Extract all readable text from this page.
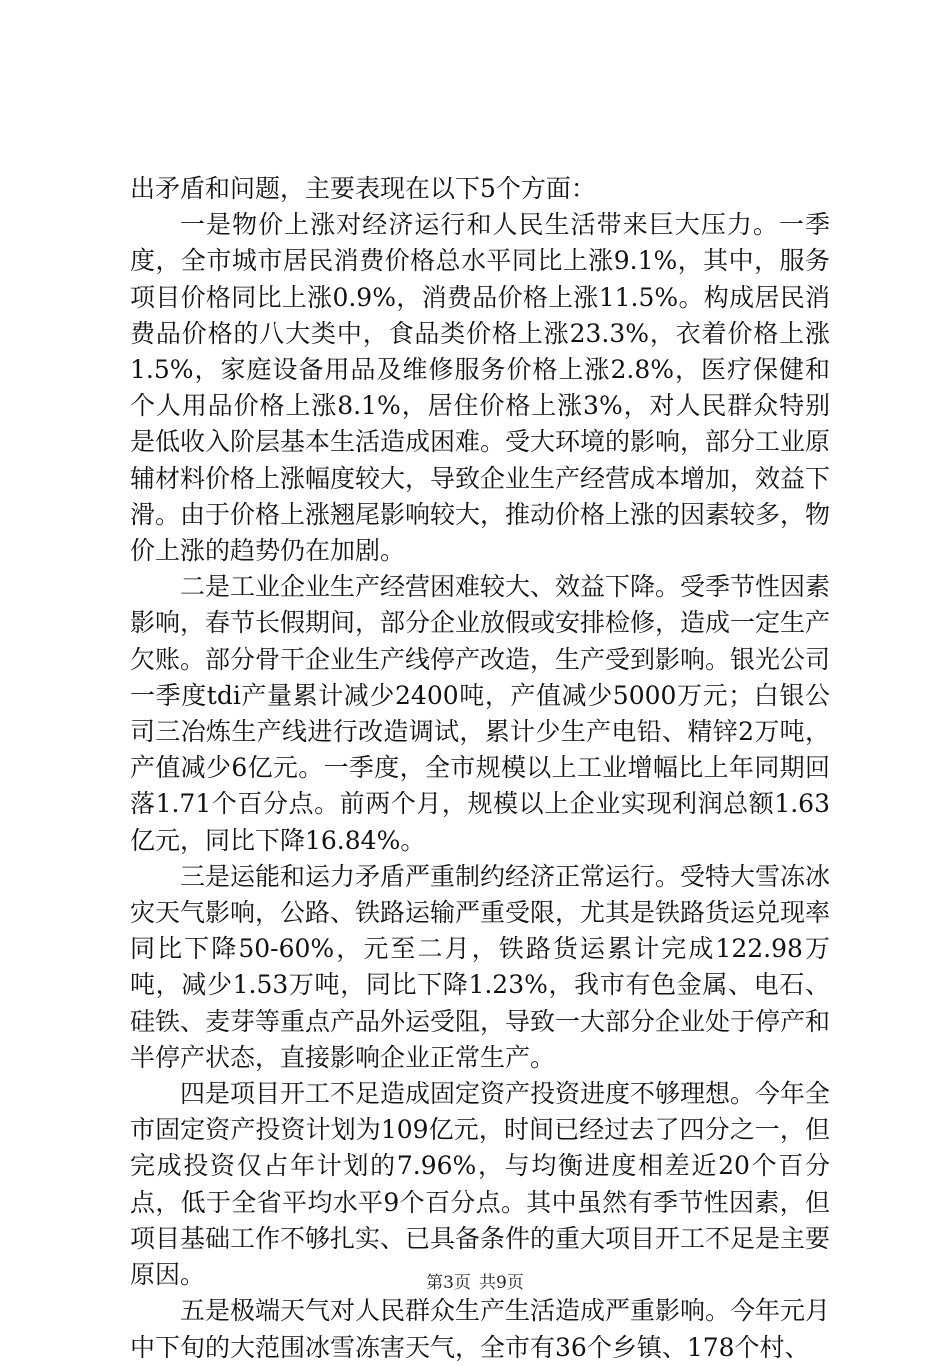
出矛盾和问题，主要表现在以下5个方面：

一是物价上涨对经济运行和人民生活带来巨大压力。一季度，全市城市居民消费价格总水平同比上涨9.1%，其中，服务项目价格同比上涨0.9%，消费品价格上涨11.5%。构成居民消费品价格的八大类中，食品类价格上涨23.3%，衣着价格上涨1.5%，家庭设备用品及维修服务价格上涨2.8%，医疗保健和个人用品价格上涨8.1%，居住价格上涨3%，对人民群众特别是低收入阶层基本生活造成困难。受大环境的影响，部分工业原辅材料价格上涨幅度较大，导致企业生产经营成本增加，效益下滑。由于价格上涨翘尾影响较大，推动价格上涨的因素较多，物价上涨的趋势仍在加剧。

二是工业企业生产经营困难较大、效益下降。受季节性因素影响，春节长假期间，部分企业放假或安排检修，造成一定生产欠账。部分骨干企业生产线停产改造，生产受到影响。银光公司一季度tdi产量累计减少2400吨，产值减少5000万元；白银公司三冶炼生产线进行改造调试，累计少生产电铅、精锌2万吨，产值减少6亿元。一季度，全市规模以上工业增幅比上年同期回落1.71个百分点。前两个月，规模以上企业实现利润总额1.63亿元，同比下降16.84%。

三是运能和运力矛盾严重制约经济正常运行。受特大雪冻冰灾天气影响，公路、铁路运输严重受限，尤其是铁路货运兑现率同比下降50-60%，元至二月，铁路货运累计完成122.98万吨，减少1.53万吨，同比下降1.23%，我市有色金属、电石、硅铁、麦芽等重点产品外运受阻，导致一大部分企业处于停产和半停产状态，直接影响企业正常生产。

四是项目开工不足造成固定资产投资进度不够理想。今年全市固定资产投资计划为109亿元，时间已经过去了四分之一，但完成投资仅占年计划的7.96%，与均衡进度相差近20个百分点，低于全省平均水平9个百分点。其中虽然有季节性因素，但项目基础工作不够扎实、已具备条件的重大项目开工不足是主要原因。

五是极端天气对人民群众生产生活造成严重影响。今年元月中下旬的大范围冰雪冻害天气，全市有36个乡镇、178个村、

第3页 共9页
